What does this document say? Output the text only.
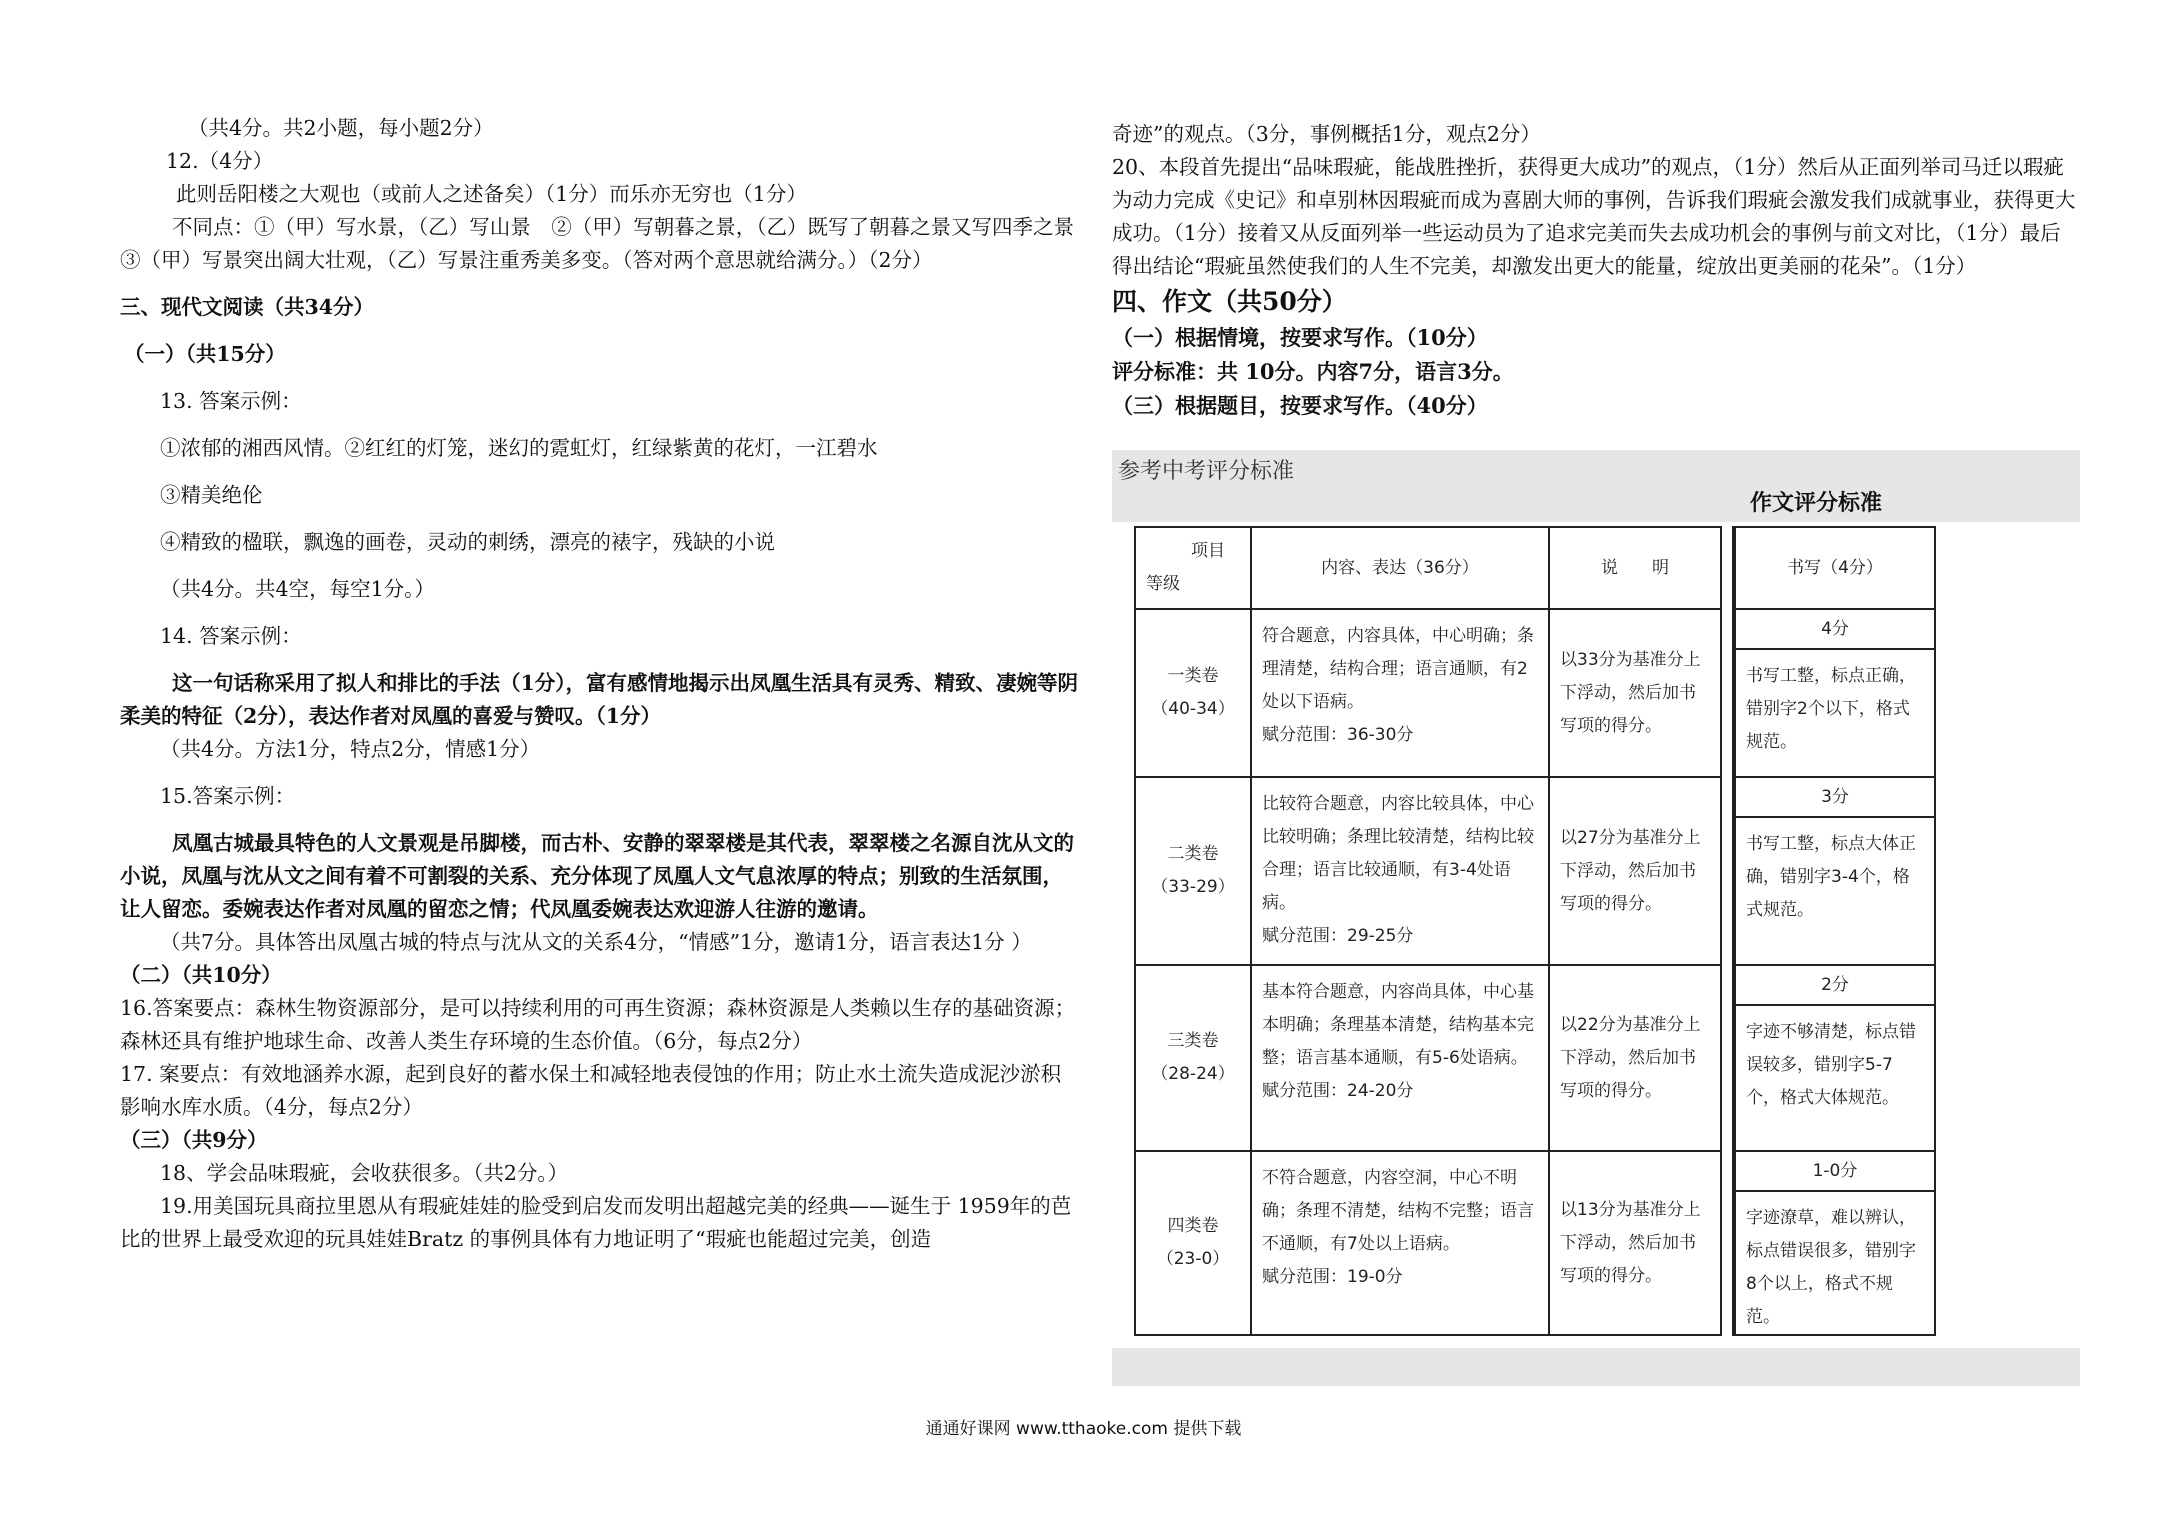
（共4分。共2小题，每小题2分）

12.（4分）

此则岳阳楼之大观也（或前人之述备矣）（1分）而乐亦无穷也（1分）

不同点：①（甲）写水景，（乙）写山景　②（甲）写朝暮之景，（乙）既写了朝暮之景又写四季之景③（甲）写景突出阔大壮观，（乙）写景注重秀美多变。（答对两个意思就给满分。）（2分）

三、现代文阅读（共34分）

（一）（共15分）

13. 答案示例：

①浓郁的湘西风情。②红红的灯笼，迷幻的霓虹灯，红绿紫黄的花灯，一江碧水

③精美绝伦

④精致的楹联，飘逸的画卷，灵动的刺绣，漂亮的裱字，残缺的小说

（共4分。共4空，每空1分。）

14. 答案示例：

这一句话称采用了拟人和排比的手法（1分），富有感情地揭示出凤凰生活具有灵秀、精致、凄婉等阴柔美的特征（2分），表达作者对凤凰的喜爱与赞叹。（1分）

（共4分。方法1分，特点2分，情感1分）

15.答案示例：

凤凰古城最具特色的人文景观是吊脚楼，而古朴、安静的翠翠楼是其代表，翠翠楼之名源自沈从文的小说，凤凰与沈从文之间有着不可割裂的关系、充分体现了凤凰人文气息浓厚的特点；别致的生活氛围，让人留恋。委婉表达作者对凤凰的留恋之情；代凤凰委婉表达欢迎游人往游的邀请。

（共7分。具体答出凤凰古城的特点与沈从文的关系4分，“情感”1分，邀请1分，语言表达1分 ）

（二）（共10分）

16.答案要点：森林生物资源部分，是可以持续利用的可再生资源；森林资源是人类赖以生存的基础资源；森林还具有维护地球生命、改善人类生存环境的生态价值。（6分，每点2分）

17. 案要点：有效地涵养水源，起到良好的蓄水保土和减轻地表侵蚀的作用；防止水土流失造成泥沙淤积影响水库水质。（4分，每点2分）

（三）（共9分）

18、学会品味瑕疵，会收获很多。（共2分。）

19.用美国玩具商拉里恩从有瑕疵娃娃的脸受到启发而发明出超越完美的经典——诞生于 1959年的芭比的世界上最受欢迎的玩具娃娃Bratz 的事例具体有力地证明了“瑕疵也能超过完美，创造

奇迹”的观点。（3分，事例概括1分，观点2分）

20、本段首先提出“品味瑕疵，能战胜挫折，获得更大成功”的观点，（1分）然后从正面列举司马迁以瑕疵为动力完成《史记》和卓别林因瑕疵而成为喜剧大师的事例，告诉我们瑕疵会激发我们成就事业，获得更大成功。（1分）接着又从反面列举一些运动员为了追求完美而失去成功机会的事例与前文对比，（1分）最后得出结论“瑕疵虽然使我们的人生不完美，却激发出更大的能量，绽放出更美丽的花朵”。（1分）

四、作文（共50分）

（一）根据情境，按要求写作。（10分）

评分标准：共 10分。内容7分，语言3分。

（三）根据题目，按要求写作。（40分）

参考中考评分标准
作文评分标准
项目
等级
内容、表达（36分）	说　　明	书写（4分）
一类卷
（40-34）
符合题意，内容具体，中心明确；条理清楚，结构合理；语言通顺，有2处以下语病。
赋分范围：36-30分
以33分为基准分上下浮动，然后加书写项的得分。
4分
书写工整，标点正确，错别字2个以下，格式规范。
二类卷
（33-29）
比较符合题意，内容比较具体，中心比较明确；条理比较清楚，结构比较合理；语言比较通顺，有3-4处语病。
赋分范围：29-25分
以27分为基准分上下浮动，然后加书写项的得分。
3分
书写工整，标点大体正确，错别字3-4个，格式规范。
三类卷
（28-24）
基本符合题意，内容尚具体，中心基本明确；条理基本清楚，结构基本完整；语言基本通顺，有5-6处语病。
赋分范围：24-20分
以22分为基准分上下浮动，然后加书写项的得分。
2分
字迹不够清楚，标点错误较多，错别字5-7个，格式大体规范。
四类卷
（23-0）
不符合题意，内容空洞，中心不明确；条理不清楚，结构不完整；语言不通顺，有7处以上语病。
赋分范围：19-0分
以13分为基准分上下浮动，然后加书写项的得分。
1-0分
字迹潦草，难以辨认，标点错误很多，错别字8个以上，格式不规范。
通通好课网 www.tthaoke.com 提供下载
